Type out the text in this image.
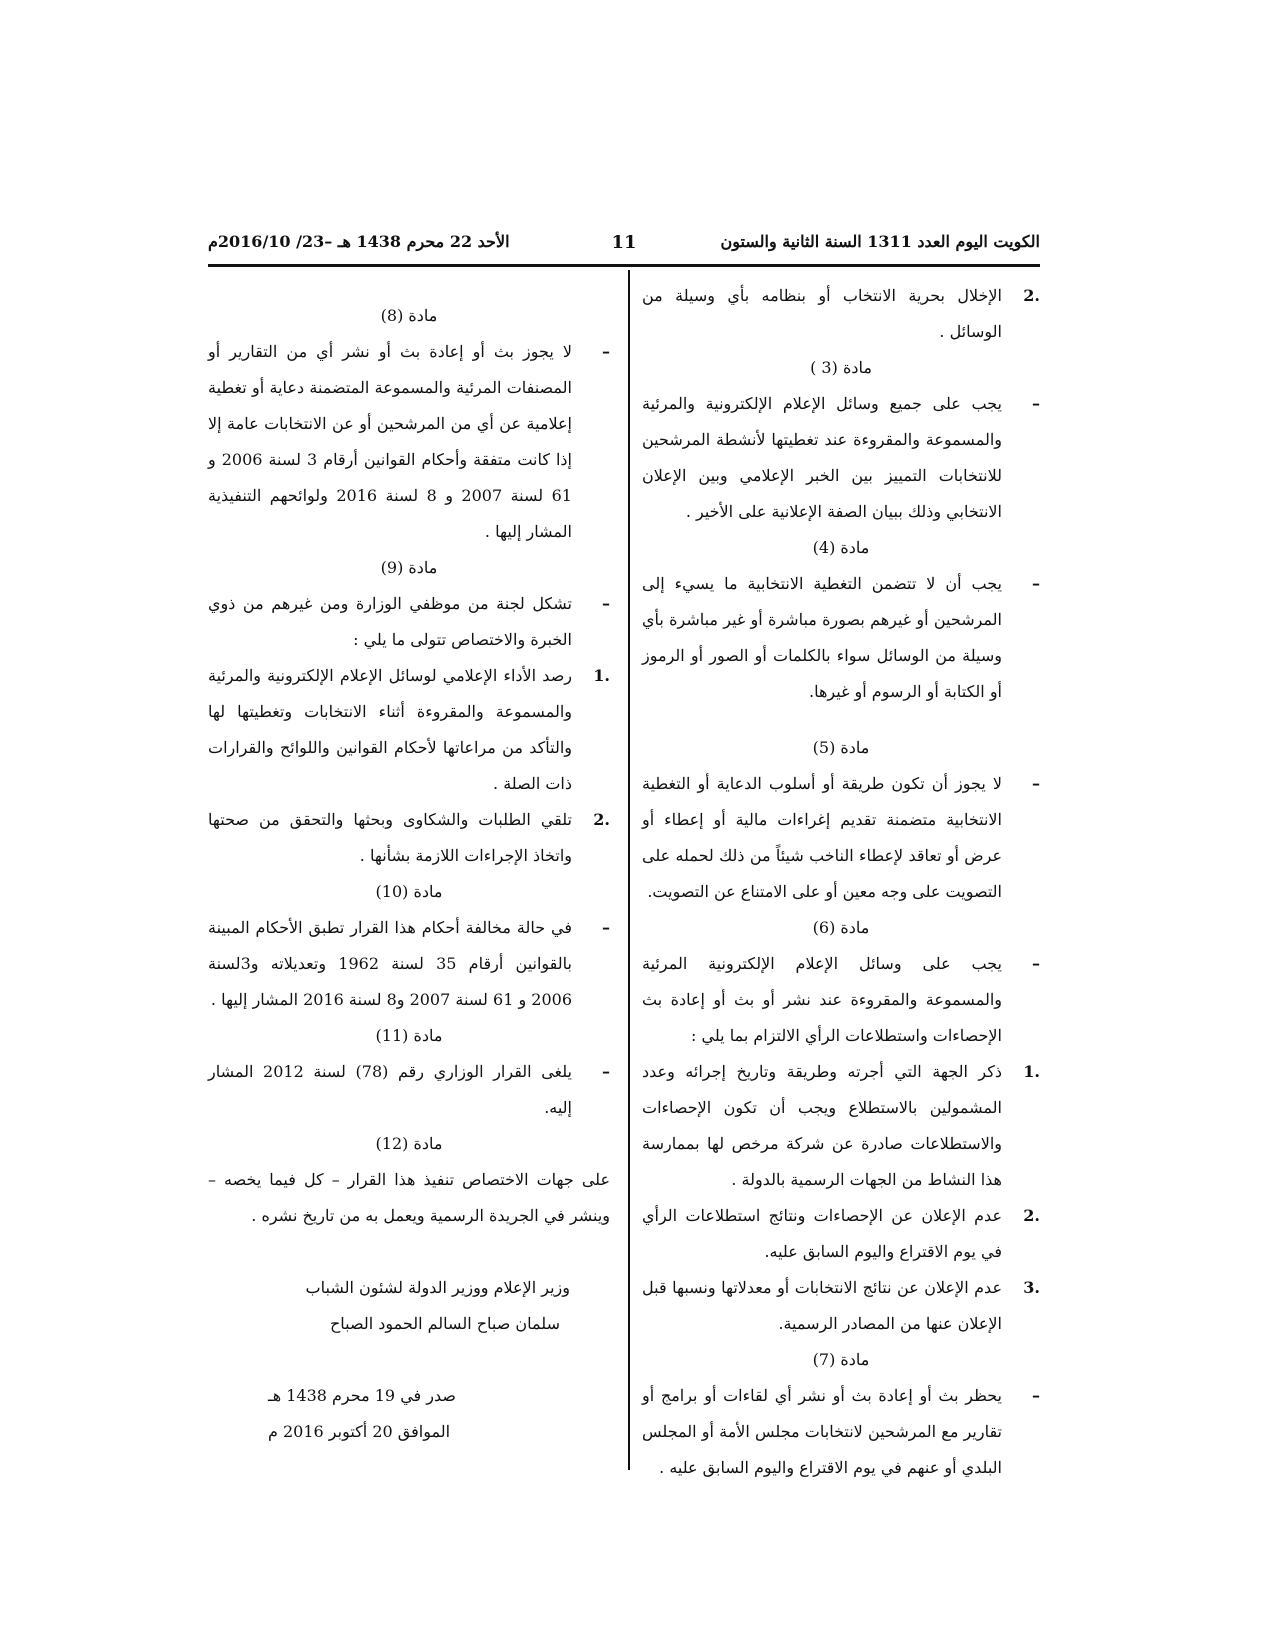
الكويت اليوم العدد 1311 السنة الثانية والستون
11
الأحد 22 محرم 1438 هـ –23/ 2016/10م

.2
الإخلال بحرية الانتخاب أو بنظامه بأي وسيلة من الوسائل .

مادة (3 )

–
يجب على جميع وسائل الإعلام الإلكترونية والمرئية والمسموعة والمقروءة عند تغطيتها لأنشطة المرشحين للانتخابات التمييز بين الخبر الإعلامي وبين الإعلان الانتخابي وذلك ببيان الصفة الإعلانية على الأخير .

مادة (4)

–
يجب أن لا تتضمن التغطية الانتخابية ما يسيء إلى المرشحين أو غيرهم بصورة مباشرة أو غير مباشرة بأي وسيلة من الوسائل سواء بالكلمات أو الصور أو الرموز أو الكتابة أو الرسوم أو غيرها.

مادة (5)

–
لا يجوز أن تكون طريقة أو أسلوب الدعاية أو التغطية الانتخابية متضمنة تقديم إغراءات مالية أو إعطاء أو عرض أو تعاقد لإعطاء الناخب شيئاً من ذلك لحمله على التصويت على وجه معين أو على الامتناع عن التصويت.

مادة (6)

–
يجب على وسائل الإعلام الإلكترونية المرئية والمسموعة والمقروءة عند نشر أو بث أو إعادة بث الإحصاءات واستطلاعات الرأي الالتزام بما يلي :

.1
ذكر الجهة التي أجرته وطريقة وتاريخ إجرائه وعدد المشمولين بالاستطلاع ويجب أن تكون الإحصاءات والاستطلاعات صادرة عن شركة مرخص لها بممارسة هذا النشاط من الجهات الرسمية بالدولة .

.2
عدم الإعلان عن الإحصاءات ونتائج استطلاعات الرأي في يوم الاقتراع واليوم السابق عليه.

.3
عدم الإعلان عن نتائج الانتخابات أو معدلاتها ونسبها قبل الإعلان عنها من المصادر الرسمية.

مادة (7)

–
يحظر بث أو إعادة بث أو نشر أي لقاءات أو برامج أو تقارير مع المرشحين لانتخابات مجلس الأمة أو المجلس البلدي أو عنهم في يوم الاقتراع واليوم السابق عليه .

مادة (8)

–
لا يجوز بث أو إعادة بث أو نشر أي من التقارير أو المصنفات المرئية والمسموعة المتضمنة دعاية أو تغطية إعلامية عن أي من المرشحين أو عن الانتخابات عامة إلا إذا كانت متفقة وأحكام القوانين أرقام 3 لسنة 2006 و 61 لسنة 2007 و 8 لسنة 2016 ولوائحهم التنفيذية المشار إليها .

مادة (9)

–
تشكل لجنة من موظفي الوزارة ومن غيرهم من ذوي الخبرة والاختصاص تتولى ما يلي :

.1
رصد الأداء الإعلامي لوسائل الإعلام الإلكترونية والمرئية والمسموعة والمقروءة أثناء الانتخابات وتغطيتها لها والتأكد من مراعاتها لأحكام القوانين واللوائح والقرارات ذات الصلة .

.2
تلقي الطلبات والشكاوى وبحثها والتحقق من صحتها واتخاذ الإجراءات اللازمة بشأنها .

مادة (10)

–
في حالة مخالفة أحكام هذا القرار تطبق الأحكام المبينة بالقوانين أرقام 35 لسنة 1962 وتعديلاته و3لسنة 2006 و 61 لسنة 2007 و8 لسنة 2016 المشار إليها .

مادة (11)

–
يلغى القرار الوزاري رقم (78) لسنة 2012 المشار إليه.

مادة (12)

على جهات الاختصاص تنفيذ هذا القرار – كل فيما يخصه – وينشر في الجريدة الرسمية ويعمل به من تاريخ نشره .

وزير الإعلام ووزير الدولة لشئون الشباب

سلمان صباح السالم الحمود الصباح

صدر في 19 محرم 1438 هـ

الموافق 20 أكتوبر 2016 م
